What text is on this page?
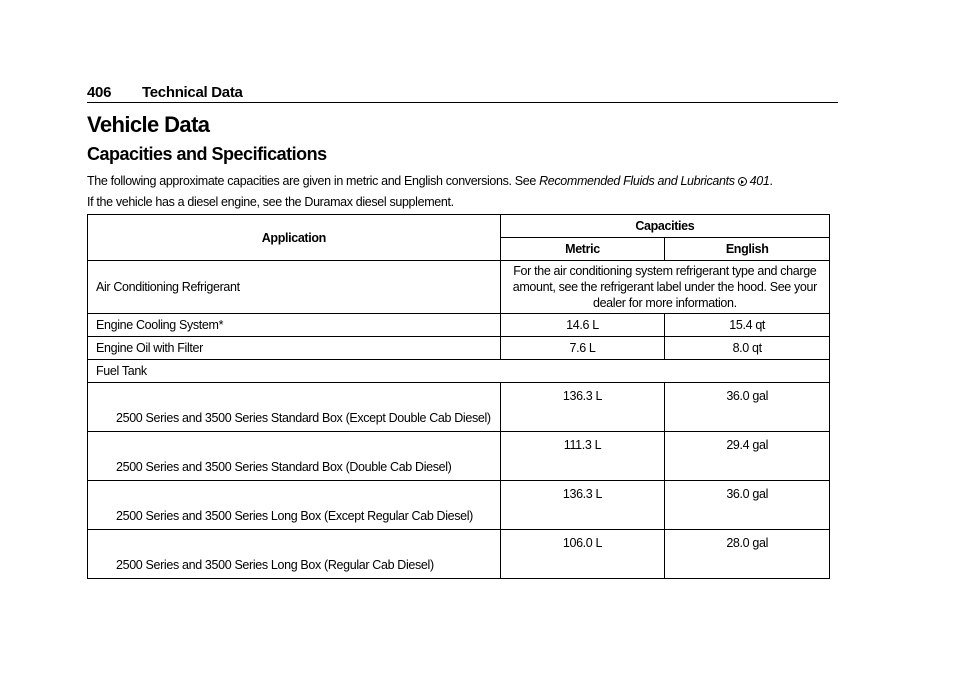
406 Technical Data
Vehicle Data
Capacities and Specifications
The following approximate capacities are given in metric and English conversions. See Recommended Fluids and Lubricants 401.
If the vehicle has a diesel engine, see the Duramax diesel supplement.
Application	Capacities	
	Metric	English
Air Conditioning Refrigerant	For the air conditioning system refrigerant type and charge amount, see the refrigerant label under the hood. See your dealer for more information.	
Engine Cooling System*	14.6 L	15.4 qt
Engine Oil with Filter	7.6 L	8.0 qt
Fuel Tank		
2500 Series and 3500 Series Standard Box (Except Double Cab Diesel)	136.3 L	36.0 gal
2500 Series and 3500 Series Standard Box (Double Cab Diesel)	111.3 L	29.4 gal
2500 Series and 3500 Series Long Box (Except Regular Cab Diesel)	136.3 L	36.0 gal
2500 Series and 3500 Series Long Box (Regular Cab Diesel)	106.0 L	28.0 gal
